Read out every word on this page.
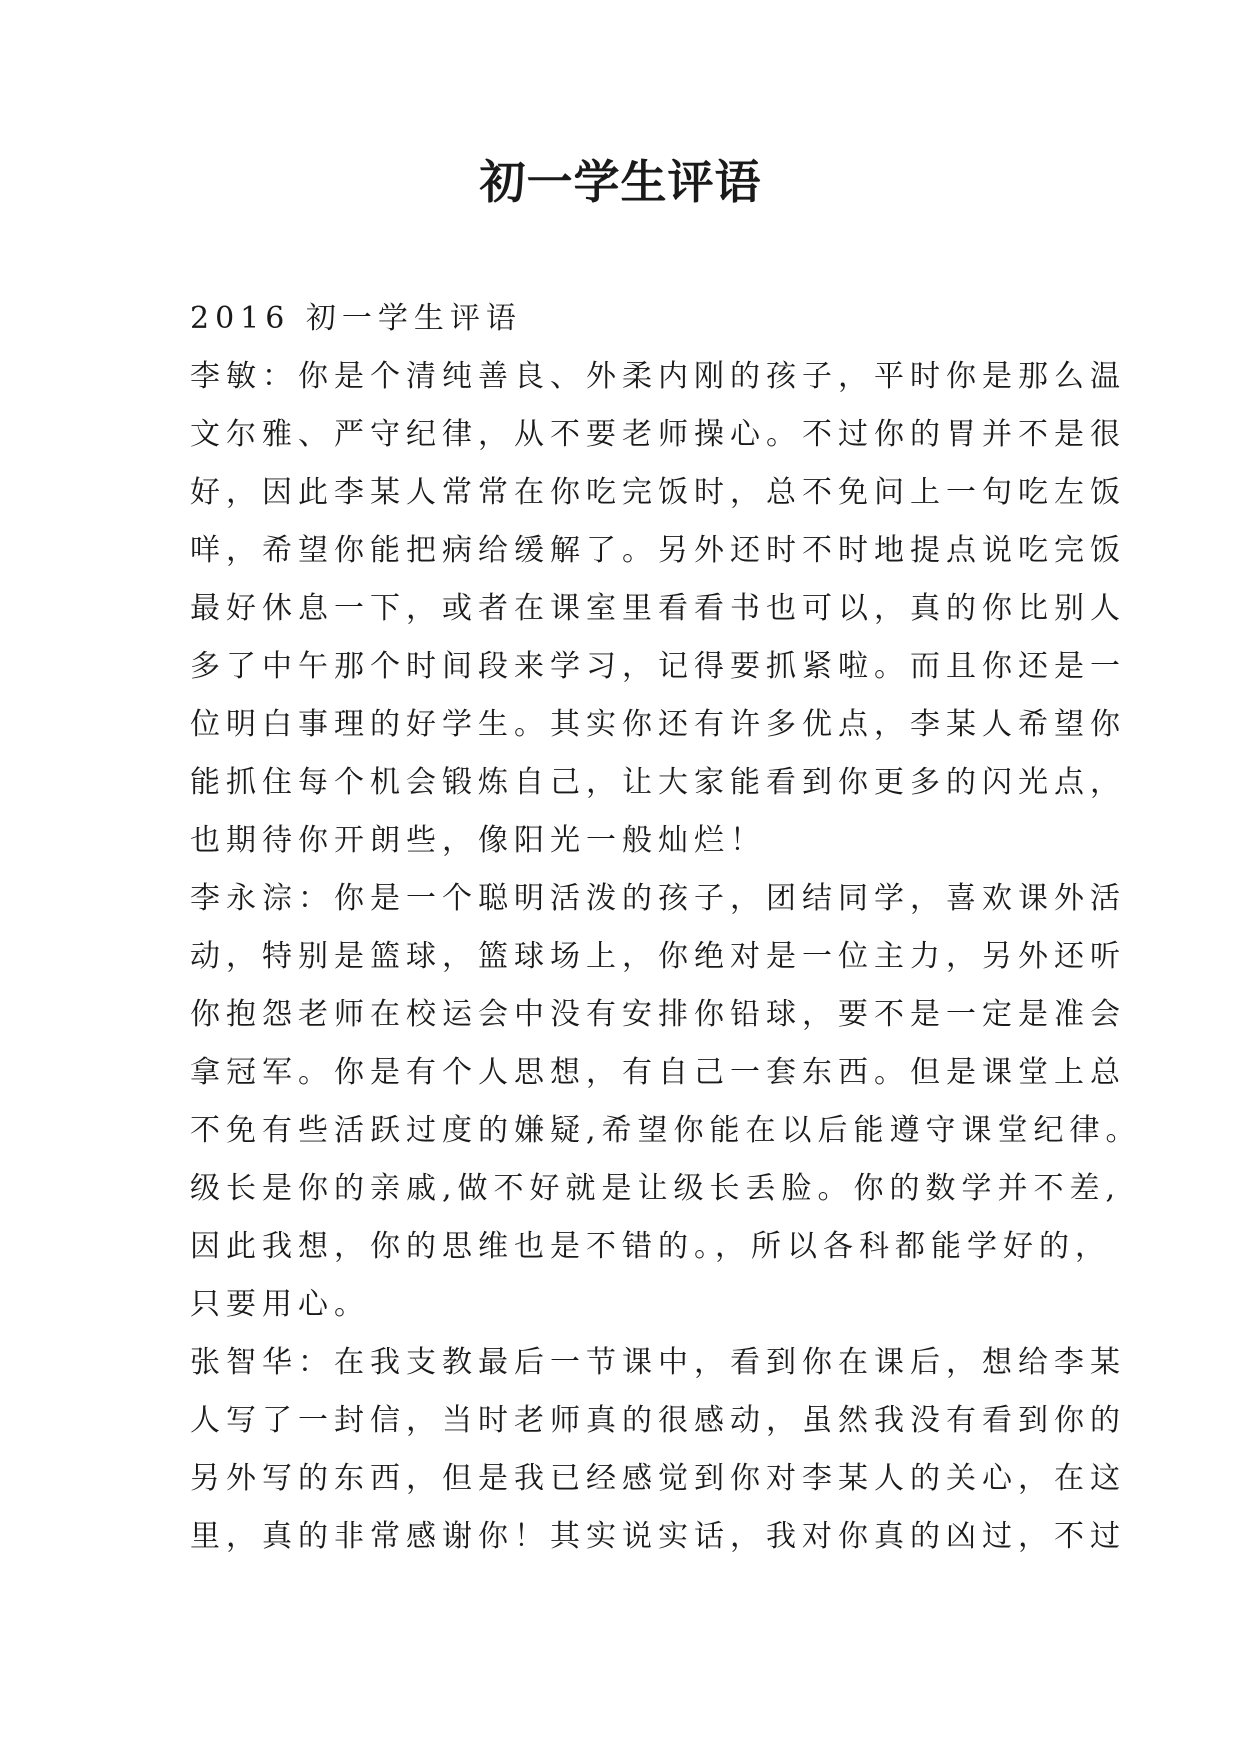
初一学生评语
2016 初一学生评语
李敏：你是个清纯善良、外柔内刚的孩子，平时你是那么温
文尔雅、严守纪律，从不要老师操心。不过你的胃并不是很
好，因此李某人常常在你吃完饭时，总不免问上一句吃左饭
咩，希望你能把病给缓解了。另外还时不时地提点说吃完饭
最好休息一下，或者在课室里看看书也可以，真的你比别人
多了中午那个时间段来学习，记得要抓紧啦。而且你还是一
位明白事理的好学生。其实你还有许多优点，李某人希望你
能抓住每个机会锻炼自己，让大家能看到你更多的闪光点，
也期待你开朗些，像阳光一般灿烂！
李永淙：你是一个聪明活泼的孩子，团结同学，喜欢课外活
动，特别是篮球，篮球场上，你绝对是一位主力，另外还听
你抱怨老师在校运会中没有安排你铅球，要不是一定是准会
拿冠军。你是有个人思想，有自己一套东西。但是课堂上总
不免有些活跃过度的嫌疑,希望你能在以后能遵守课堂纪律。
级长是你的亲戚,做不好就是让级长丢脸。你的数学并不差,
因此我想，你的思维也是不错的。，所以各科都能学好的，
只要用心。
张智华：在我支教最后一节课中，看到你在课后，想给李某
人写了一封信，当时老师真的很感动，虽然我没有看到你的
另外写的东西，但是我已经感觉到你对李某人的关心，在这
里，真的非常感谢你！其实说实话，我对你真的凶过，不过
